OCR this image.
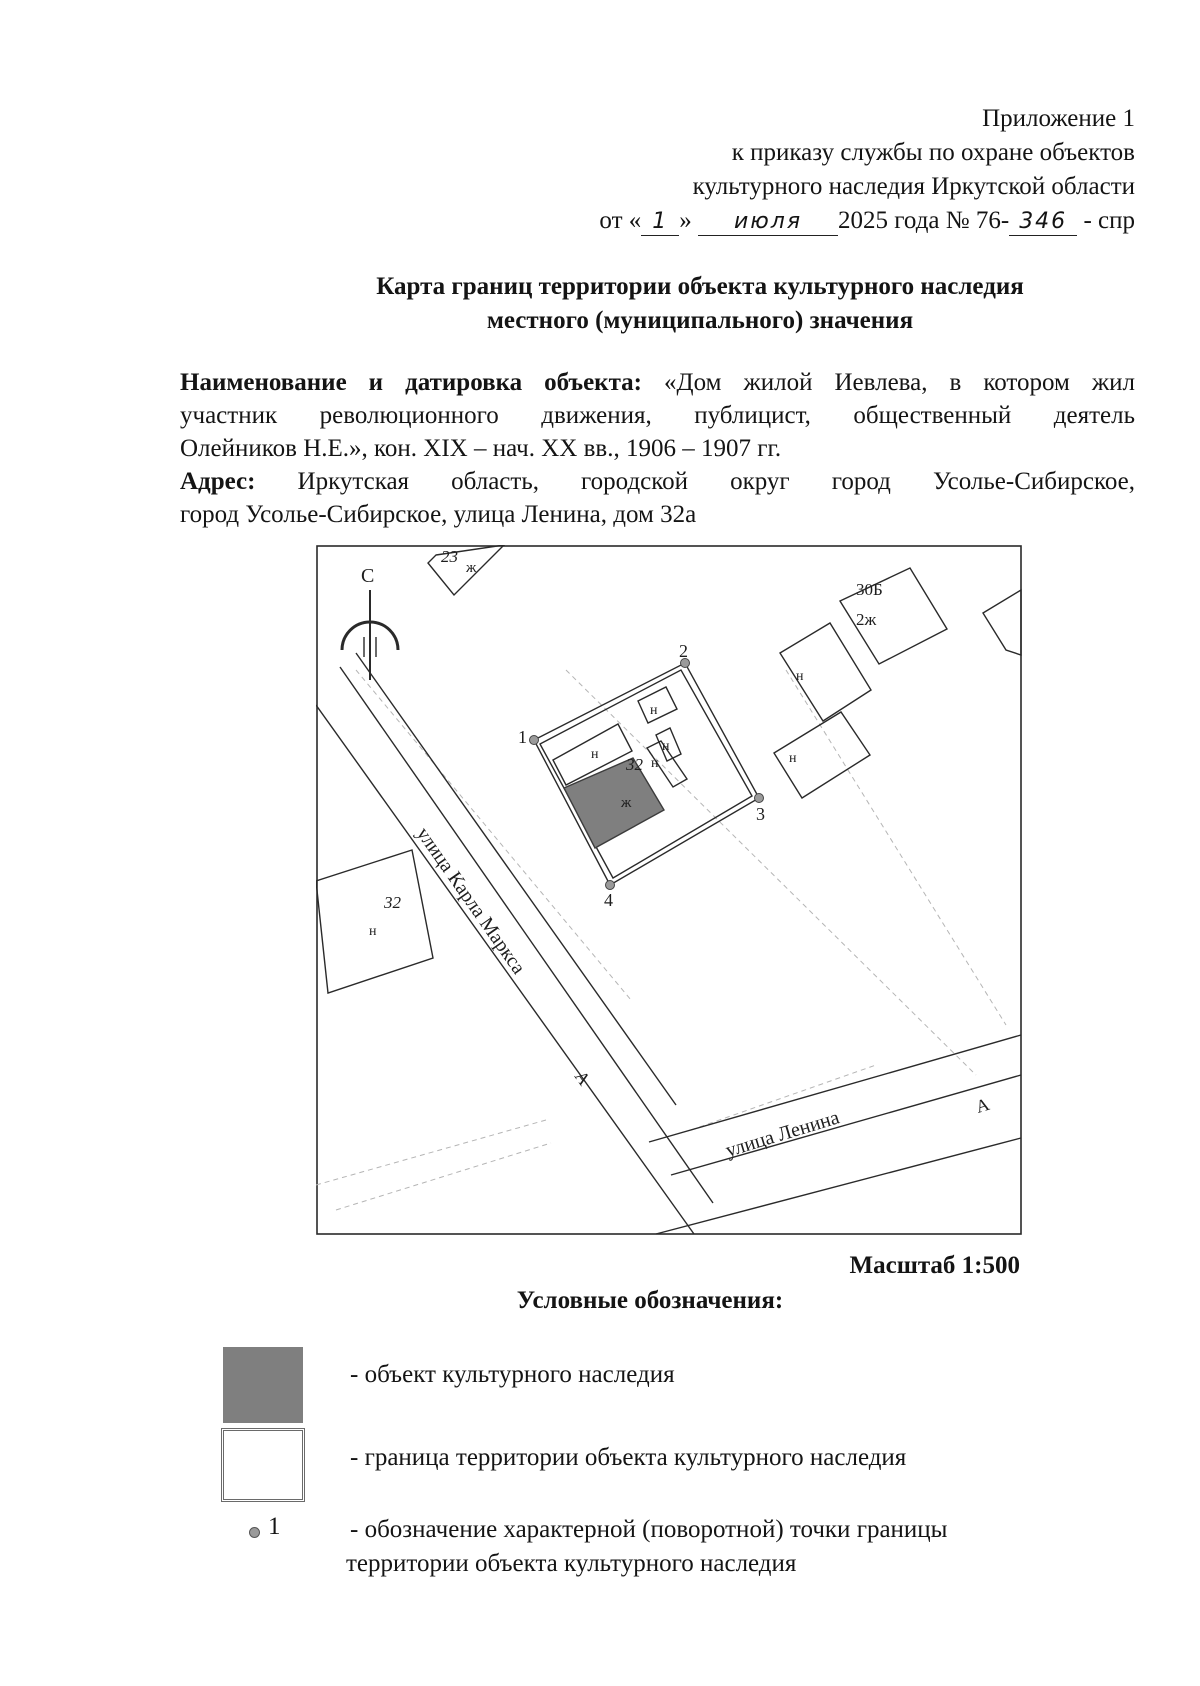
Приложение 1
к приказу службы по охране объектов
культурного наследия Иркутской области
от « 1 » июля 2025 года № 76- 346 - спр
Карта границ территории объекта культурного наследия
местного (муниципального) значения
Наименование и датировка объекта: «Дом жилой Иевлева, в котором жил
участник революционного движения, публицист, общественный деятель
Олейников Н.Е.», кон. XIX – нач. XX вв., 1906 – 1907 гг.
Адрес: Иркутская область, городской округ город Усолье-Сибирское,
город Усолье-Сибирское, улица Ленина, дом 32а
С
23
ж
30Б
2ж
н
н
32
н
н
н
н
н
32
ж
1
2
3
4
улица Карла Маркса
А
улица Ленина
А
Масштаб 1:500
Условные обозначения:
- объект культурного наследия
- граница территории объекта культурного наследия
1	- обозначение характерной (поворотной) точки границы
территории объекта культурного наследия
